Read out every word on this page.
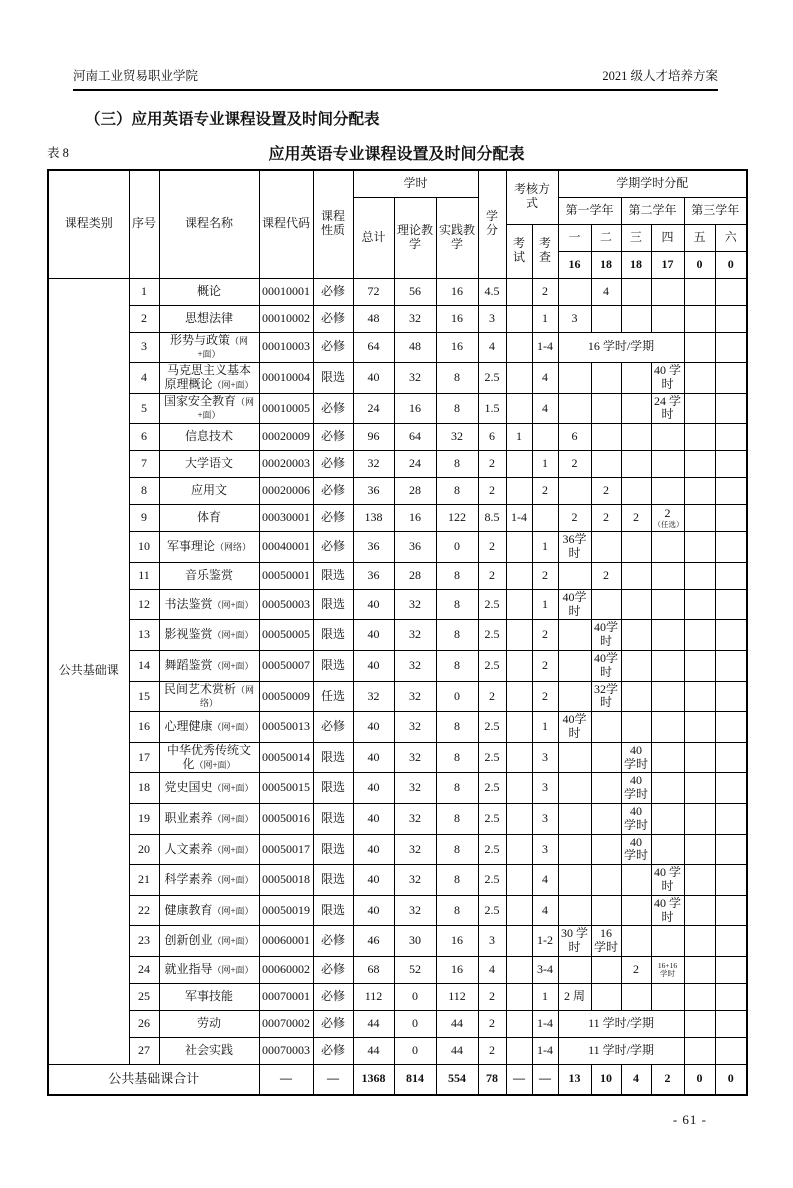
河南工业贸易职业学院	2021 级人才培养方案
（三）应用英语专业课程设置及时间分配表
应用英语专业课程设置及时间分配表
表 8
课程类别	序号	课程名称	课程代码	课程性质	学时			学分	考核方式		学期学时分配					
					总计	理论教学	实践教学				第一学年		第二学年		第三学年	
									考试	考查	一	二	三	四	五	六
											16	18	18	17	0	0
公共基础课	1	概论	00010001	必修	72	56	16	4.5		2		4				
	2	思想法律	00010002	必修	48	32	16	3		1	3					
	3	形势与政策（网+面）	00010003	必修	64	48	16	4		1-4	16 学时/学期					
	4	马克思主义基本原理概论（网+面）	00010004	限选	40	32	8	2.5		4				40 学时		
	5	国家安全教育（网+面）	00010005	必修	24	16	8	1.5		4				24 学时		
	6	信息技术	00020009	必修	96	64	32	6	1		6					
	7	大学语文	00020003	必修	32	24	8	2		1	2					
	8	应用文	00020006	必修	36	28	8	2		2		2				
	9	体育	00030001	必修	138	16	122	8.5	1-4		2	2	2	2
（任选）		

	10	军事理论（网络）	00040001	必修	36	36	0	2		1	36学时					
	11	音乐鉴赏	00050001	限选	36	28	8	2		2		2				
	12	书法鉴赏（网+面）	00050003	限选	40	32	8	2.5		1	40学时					
	13	影视鉴赏（网+面）	00050005	限选	40	32	8	2.5		2		40学时				
	14	舞蹈鉴赏（网+面）	00050007	限选	40	32	8	2.5		2		40学时				
	15	民间艺术赏析（网络）	00050009	任选	32	32	0	2		2		32学时				
	16	心理健康（网+面）	00050013	必修	40	32	8	2.5		1	40学时					
	17	中华优秀传统文化（网+面）	00050014	限选	40	32	8	2.5		3			40 学时			
	18	党史国史（网+面）	00050015	限选	40	32	8	2.5		3			40 学时			
	19	职业素养（网+面）	00050016	限选	40	32	8	2.5		3			40 学时			
	20	人文素养（网+面）	00050017	限选	40	32	8	2.5		3			40 学时			
	21	科学素养（网+面）	00050018	限选	40	32	8	2.5		4				40 学时		
	22	健康教育（网+面）	00050019	限选	40	32	8	2.5		4				40 学时		
	23	创新创业（网+面）	00060001	必修	46	30	16	3		1-2	30 学时	16 学时				
	24	就业指导（网+面）	00060002	必修	68	52	16	4		3-4			2	16+16
学时		

	25	军事技能	00070001	必修	112	0	112	2		1	2 周					
	26	劳动	00070002	必修	44	0	44	2		1-4	11 学时/学期					
	27	社会实践	00070003	必修	44	0	44	2		1-4	11 学时/学期					
公共基础课合计			—	—	1368	814	554	78	—	—	13	10	4	2	0	0
- 61 -
